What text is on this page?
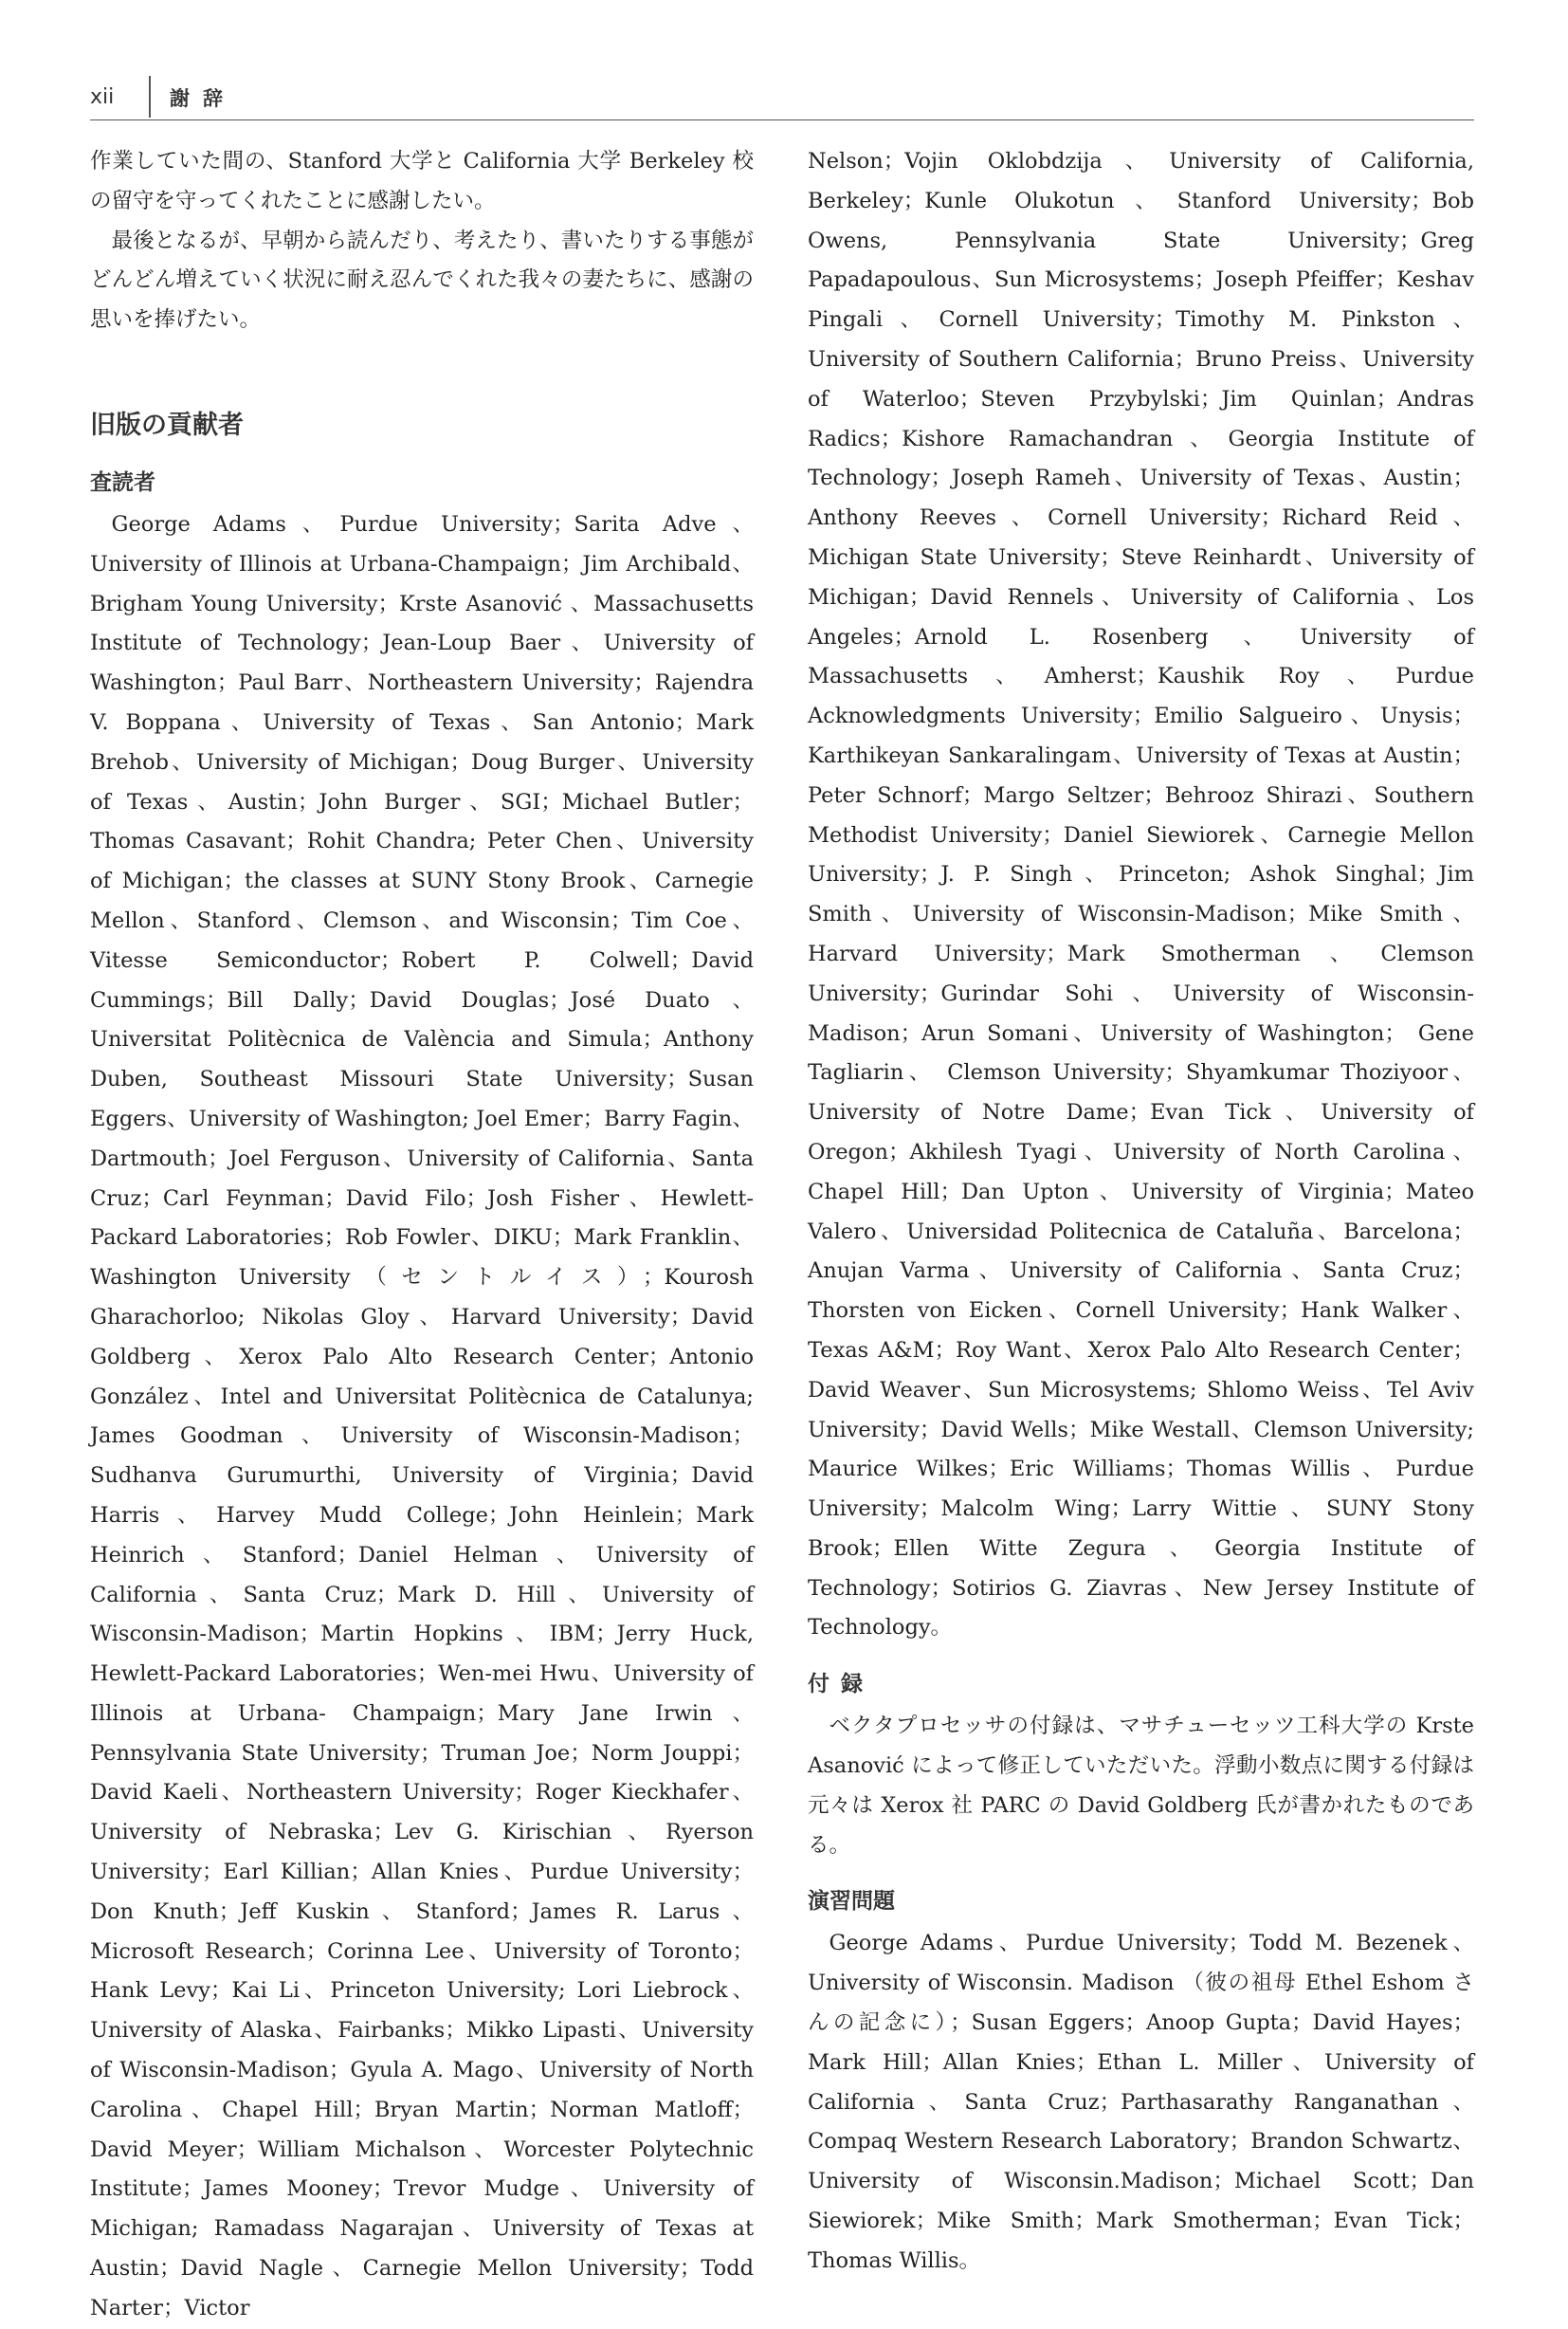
xii	謝辞

作業していた間の、Stanford 大学と California 大学 Berkeley 校の留守を守ってくれたことに感謝したい。

最後となるが、早朝から読んだり、考えたり、書いたりする事態がどんどん増えていく状況に耐え忍んでくれた我々の妻たちに、感謝の思いを捧げたい。

旧版の貢献者
査読者

George Adams、Purdue University；Sarita Adve、University of Illinois at Urbana-Champaign；Jim Archibald、Brigham Young University；Krste Asanović 、Massachusetts Institute of Technology；Jean-Loup Baer、University of Washington；Paul Barr、Northeastern University；Rajendra V. Boppana、University of Texas、San Antonio；Mark Brehob、University of Michigan；Doug Burger、University of Texas、Austin；John Burger、SGI；Michael Butler；Thomas Casavant；Rohit Chandra; Peter Chen、University of Michigan；the classes at SUNY Stony Brook、Carnegie Mellon、Stanford、Clemson、and Wisconsin；Tim Coe、Vitesse Semiconductor；Robert P. Colwell；David Cummings；Bill Dally；David Douglas；José Duato、Universitat Politècnica de València and Simula；Anthony Duben, Southeast Missouri State University；Susan Eggers、University of Washington; Joel Emer；Barry Fagin、Dartmouth；Joel Ferguson、University of California、Santa Cruz；Carl Feynman；David Filo；Josh Fisher、Hewlett-Packard Laboratories；Rob Fowler、DIKU；Mark Franklin、Washington University（セントルイス）；Kourosh Gharachorloo; Nikolas Gloy、Harvard University；David Goldberg、Xerox Palo Alto Research Center；Antonio González、Intel and Universitat Politècnica de Catalunya; James Goodman、University of Wisconsin-Madison；Sudhanva Gurumurthi, University of Virginia；David Harris、Harvey Mudd College；John Heinlein；Mark Heinrich、Stanford；Daniel Helman、University of California、Santa Cruz；Mark D. Hill、University of Wisconsin-Madison；Martin Hopkins、IBM；Jerry Huck, Hewlett-Packard Laboratories；Wen-mei Hwu、University of Illinois at Urbana- Champaign；Mary Jane Irwin、Pennsylvania State University；Truman Joe；Norm Jouppi；David Kaeli、Northeastern University；Roger Kieckhafer、University of Nebraska；Lev G. Kirischian、Ryerson University；Earl Killian；Allan Knies、Purdue University；Don Knuth；Jeff Kuskin、Stanford；James R. Larus、Microsoft Research；Corinna Lee、University of Toronto；Hank Levy；Kai Li、Princeton University; Lori Liebrock、University of Alaska、Fairbanks；Mikko Lipasti、University of Wisconsin-Madison；Gyula A. Mago、University of North Carolina、Chapel Hill；Bryan Martin；Norman Matloff；David Meyer；William Michalson、Worcester Polytechnic Institute；James Mooney；Trevor Mudge、University of Michigan; Ramadass Nagarajan、University of Texas at Austin；David Nagle、Carnegie Mellon University；Todd Narter；Victor

Nelson；Vojin Oklobdzija、University of California, Berkeley；Kunle Olukotun、Stanford University；Bob Owens, Pennsylvania State University；Greg Papadapoulous、Sun Microsystems；Joseph Pfeiffer；Keshav Pingali、Cornell University；Timothy M. Pinkston、University of Southern California；Bruno Preiss、University of Waterloo；Steven Przybylski；Jim Quinlan；Andras Radics；Kishore Ramachandran、Georgia Institute of Technology；Joseph Rameh、University of Texas、Austin；Anthony Reeves、Cornell University；Richard Reid、Michigan State University；Steve Reinhardt、University of Michigan；David Rennels、University of California、Los Angeles；Arnold L. Rosenberg、University of Massachusetts、Amherst；Kaushik Roy、Purdue Acknowledgments University；Emilio Salgueiro、Unysis；Karthikeyan Sankaralingam、University of Texas at Austin；Peter Schnorf；Margo Seltzer；Behrooz Shirazi、Southern Methodist University；Daniel Siewiorek、Carnegie Mellon University；J. P. Singh、Princeton; Ashok Singhal；Jim Smith、University of Wisconsin-Madison；Mike Smith、Harvard University；Mark Smotherman、Clemson University；Gurindar Sohi、University of Wisconsin-Madison；Arun Somani、University of Washington； Gene Tagliarin、 Clemson University；Shyamkumar Thoziyoor、University of Notre Dame；Evan Tick、University of Oregon；Akhilesh Tyagi、University of North Carolina、Chapel Hill；Dan Upton、University of Virginia；Mateo Valero、Universidad Politecnica de Cataluña、Barcelona；Anujan Varma、University of California、Santa Cruz；Thorsten von Eicken、Cornell University；Hank Walker、Texas A&M；Roy Want、Xerox Palo Alto Research Center；David Weaver、Sun Microsystems; Shlomo Weiss、Tel Aviv University；David Wells；Mike Westall、Clemson University; Maurice Wilkes；Eric Williams；Thomas Willis、Purdue University；Malcolm Wing；Larry Wittie、SUNY Stony Brook；Ellen Witte Zegura、Georgia Institute of Technology；Sotirios G. Ziavras、New Jersey Institute of Technology。

付録

ベクタプロセッサの付録は、マサチューセッツ工科大学の Krste Asanović によって修正していただいた。浮動小数点に関する付録は元々は Xerox 社 PARC の David Goldberg 氏が書かれたものである。

演習問題

George Adams、Purdue University；Todd M. Bezenek、University of Wisconsin. Madison （彼の祖母 Ethel Eshom さんの記念に）；Susan Eggers；Anoop Gupta；David Hayes；Mark Hill；Allan Knies；Ethan L. Miller、University of California、Santa Cruz；Parthasarathy Ranganathan、Compaq Western Research Laboratory；Brandon Schwartz、University of Wisconsin.Madison；Michael Scott；Dan Siewiorek；Mike Smith；Mark Smotherman；Evan Tick；Thomas Willis。
